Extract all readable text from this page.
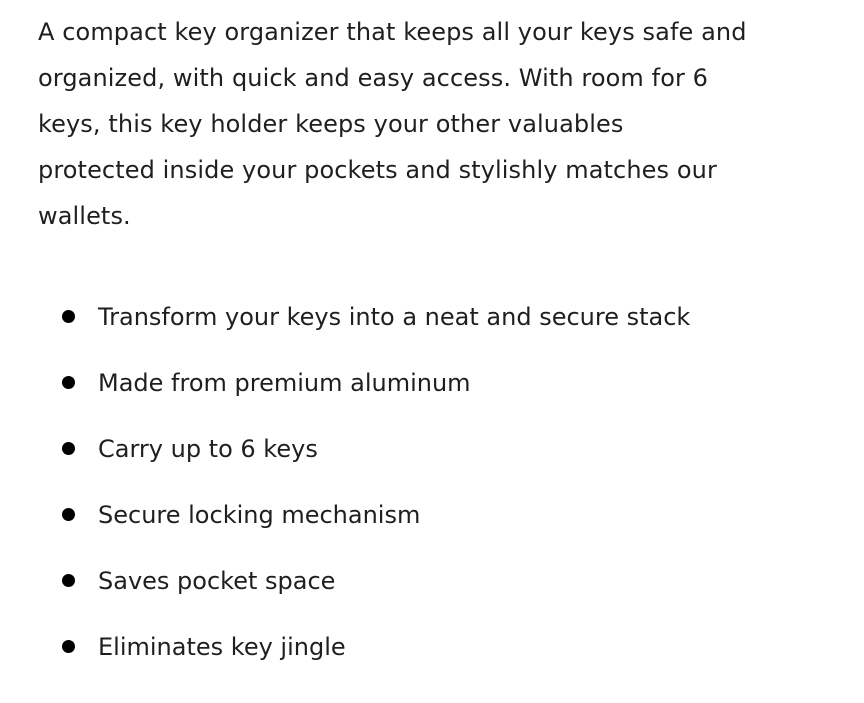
A compact key organizer that keeps all your keys safe and
organized, with quick and easy access. With room for 6
keys, this key holder keeps your other valuables
protected inside your pockets and stylishly matches our
wallets.

Transform your keys into a neat and secure stack
Made from premium aluminum
Carry up to 6 keys
Secure locking mechanism
Saves pocket space
Eliminates key jingle
